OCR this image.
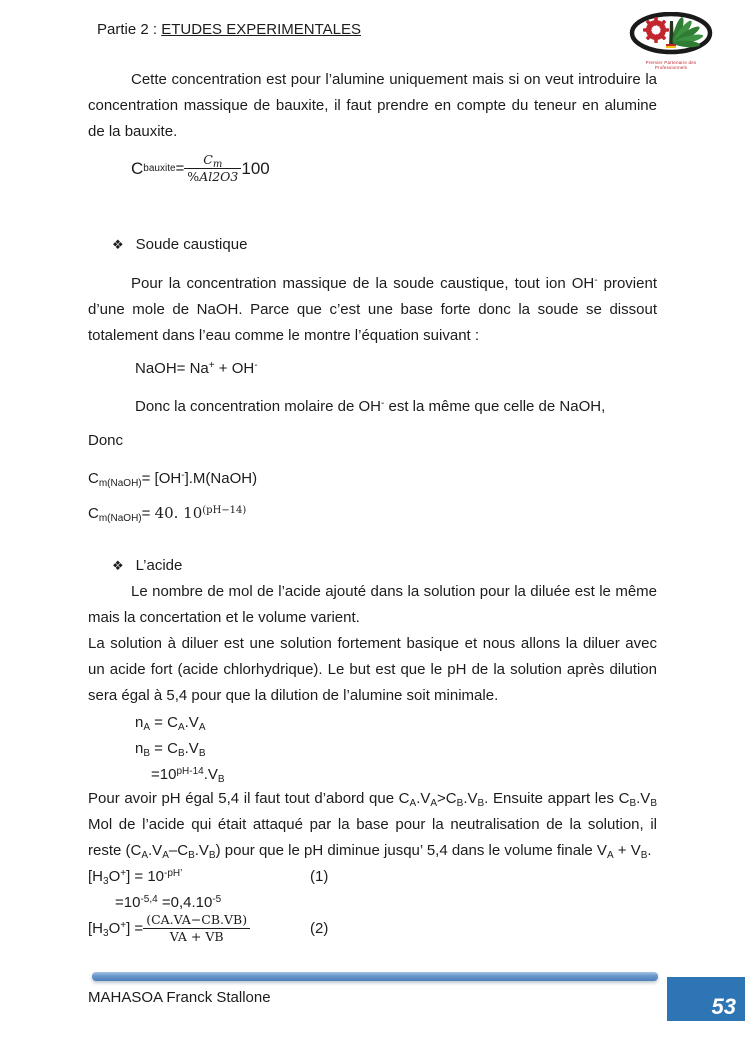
Partie 2 : ETUDES EXPERIMENTALES
Premier Partenaire des Professionnels

Cette concentration est pour l’alumine uniquement mais si on veut introduire la concentration massique de bauxite, il faut prendre en compte du teneur en alumine de la bauxite.

C bauxite = $\frac{C_m}{\%Al2O3} 100$
❖ Soude caustique

Pour la concentration massique de la soude caustique, tout ion OH- provient d’une mole de NaOH. Parce que c’est une base forte donc la soude se dissout totalement dans l’eau comme le montre l’équation suivant :

NaOH= Na+ + OH-
Donc la concentration molaire de OH- est la même que celle de NaOH,
Donc
$C_{m(NaOH)}=$ [OH-].M(NaOH)
$C_{m(NaOH)}= 40$. $10^{(pH-14)}$
❖ L’acide

Le nombre de mol de l’acide ajouté dans la solution pour la diluée est le même mais la concertation et le volume varient.

La solution à diluer est une solution fortement basique et nous allons la diluer avec un acide fort (acide chlorhydrique). Le but est que le pH de la solution après dilution sera égal à 5,4 pour que la dilution de l’alumine soit minimale.

$n_A = C_A.V_A$
$n_B = C_B.V_B$
$=10^{pH-14}.V_B$

Pour avoir pH égal 5,4 il faut tout d’abord que $C_A.V_A>C_B.V_B$. Ensuite appart les $C_B.V_B$ Mol de l’acide qui était attaqué par la base pour la neutralisation de la solution, il reste $(C_A.V_A-C_B.V_B)$ pour que le pH diminue jusqu’ 5,4 dans le volume finale $V_A + V_B$.

$[H_3O^+] = 10^{-pH’}$	(1)
$=10^{-5,4} =0,4.10^{-5}$
$[H_3O^+] = \frac{(CA.VA-CB.VB)}{VA + VB}$	(2)
MAHASOA Franck Stallone	53
